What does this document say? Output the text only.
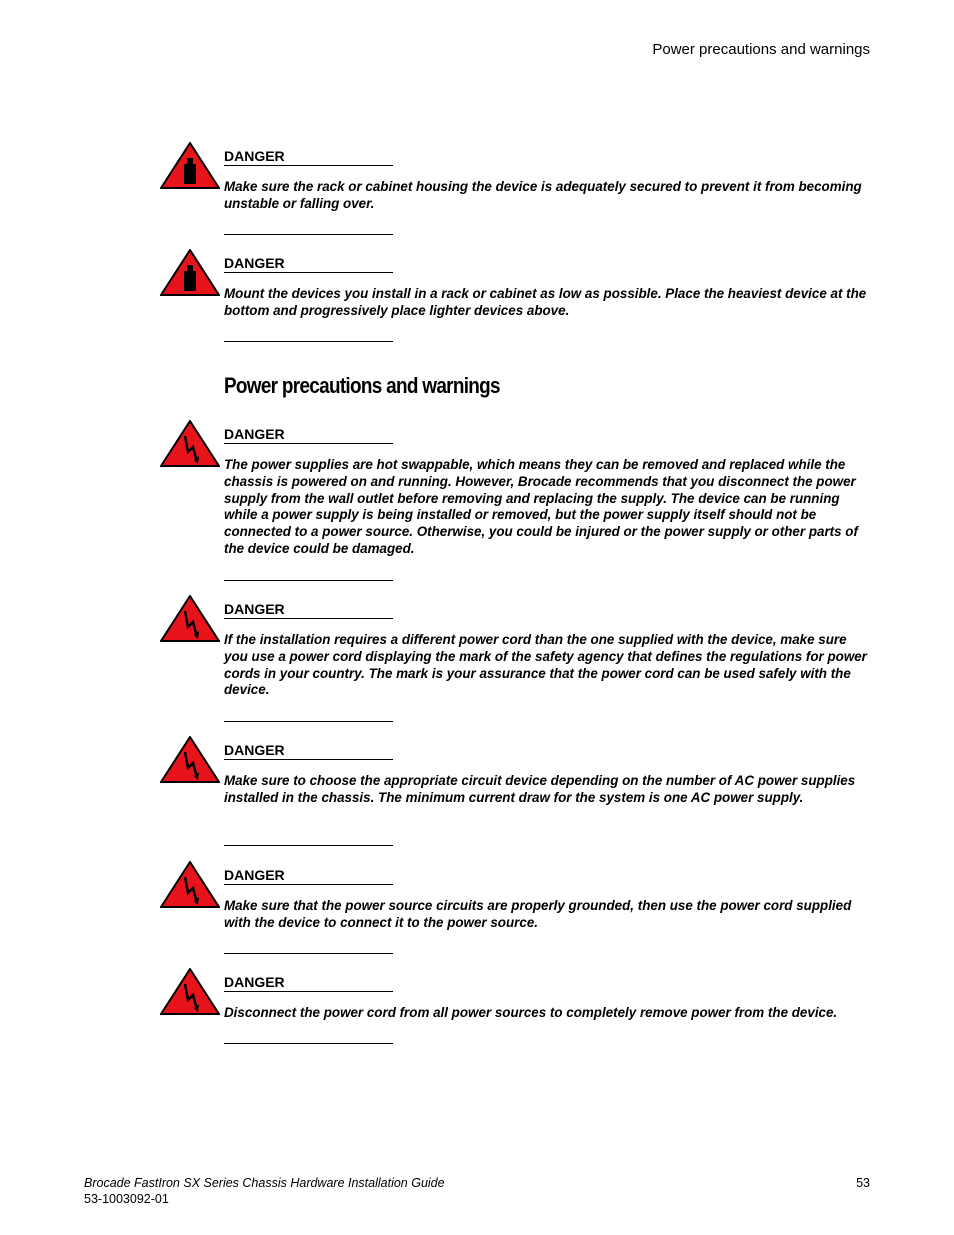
Power precautions and warnings
DANGER
Make sure the rack or cabinet housing the device is adequately secured to prevent it from becoming unstable or falling over.
DANGER
Mount the devices you install in a rack or cabinet as low as possible. Place the heaviest device at the bottom and progressively place lighter devices above.
Power precautions and warnings
DANGER
The power supplies are hot swappable, which means they can be removed and replaced while the chassis is powered on and running. However, Brocade recommends that you disconnect the power supply from the wall outlet before removing and replacing the supply. The device can be running while a power supply is being installed or removed, but the power supply itself should not be connected to a power source. Otherwise, you could be injured or the power supply or other parts of the device could be damaged.
DANGER
If the installation requires a different power cord than the one supplied with the device, make sure you use a power cord displaying the mark of the safety agency that defines the regulations for power cords in your country. The mark is your assurance that the power cord can be used safely with the device.
DANGER
Make sure to choose the appropriate circuit device depending on the number of AC power supplies installed in the chassis. The minimum current draw for the system is one AC power supply.
DANGER
Make sure that the power source circuits are properly grounded, then use the power cord supplied with the device to connect it to the power source.
DANGER
Disconnect the power cord from all power sources to completely remove power from the device.
Brocade FastIron SX Series Chassis Hardware Installation Guide
53-1003092-01
53
